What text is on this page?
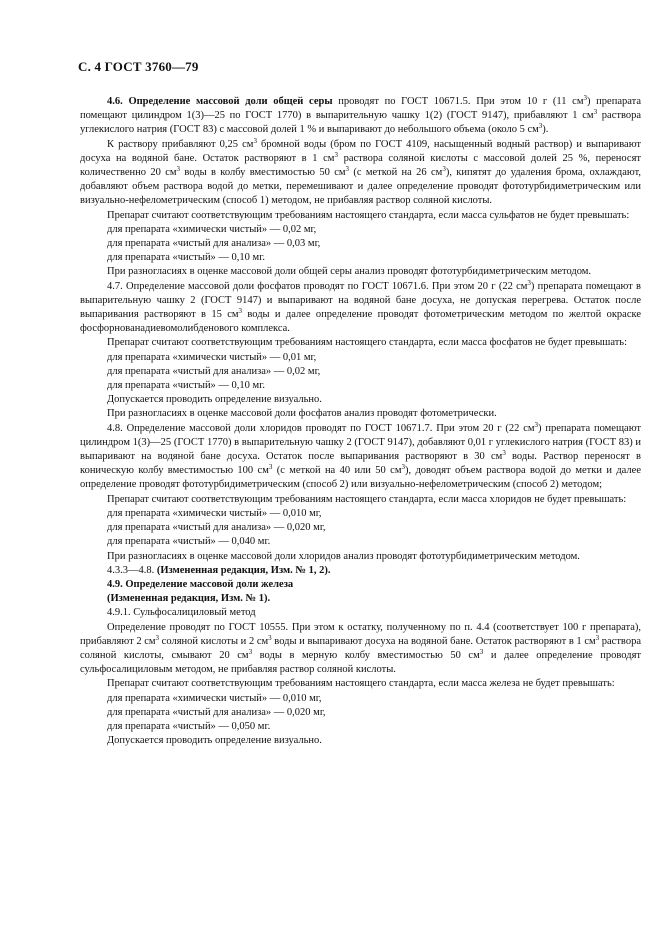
С. 4 ГОСТ 3760—79

4.6. Определение массовой доли общей серы проводят по ГОСТ 10671.5. При этом 10 г (11 $см^3$) препарата помещают цилиндром 1(3)—25 по ГОСТ 1770) в выпарительную чашку 1(2) (ГОСТ 9147), прибавляют 1 $см^3$ раствора углекислого натрия (ГОСТ 83) с массовой долей 1 % и выпаривают до небольшого объема (около 5 $см^3$).

К раствору прибавляют 0,25 $см^3$ бромной воды (бром по ГОСТ 4109, насыщенный водный раствор) и выпаривают досуха на водяной бане. Остаток растворяют в 1 $см^3$ раствора соляной кислоты с массовой долей 25 %, переносят количественно 20 $см^3$ воды в колбу вместимостью 50 $см^3$ (с меткой на 26 $см^3$), кипятят до удаления брома, охлаждают, добавляют объем раствора водой до метки, перемешивают и далее определение проводят фототурбидиметрическим или визуально-нефелометрическим (способ 1) методом, не прибавляя раствор соляной кислоты.

Препарат считают соответствующим требованиям настоящего стандарта, если масса сульфатов не будет превышать:

для препарата «химически чистый» — 0,02 мг,

для препарата «чистый для анализа» — 0,03 мг,

для препарата «чистый» — 0,10 мг.

При разногласиях в оценке массовой доли общей серы анализ проводят фототурбидиметрическим методом.

4.7. Определение массовой доли фосфатов проводят по ГОСТ 10671.6. При этом 20 г (22 $см^3$) препарата помещают в выпарительную чашку 2 (ГОСТ 9147) и выпаривают на водяной бане досуха, не допуская перегрева. Остаток после выпаривания растворяют в 15 $см^3$ воды и далее определение проводят фотометрическим методом по желтой окраске фосфорнованадиевомолибденового комплекса.

Препарат считают соответствующим требованиям настоящего стандарта, если масса фосфатов не будет превышать:

для препарата «химически чистый» — 0,01 мг,

для препарата «чистый для анализа» — 0,02 мг,

для препарата «чистый» — 0,10 мг.

Допускается проводить определение визуально.

При разногласиях в оценке массовой доли фосфатов анализ проводят фотометрически.

4.8. Определение массовой доли хлоридов проводят по ГОСТ 10671.7. При этом 20 г (22 $см^3$) препарата помещают цилиндром 1(3)—25 (ГОСТ 1770) в выпарительную чашку 2 (ГОСТ 9147), добавляют 0,01 г углекислого натрия (ГОСТ 83) и выпаривают на водяной бане досуха. Остаток после выпаривания растворяют в 30 $см^3$ воды. Раствор переносят в коническую колбу вместимостью 100 $см^3$ (с меткой на 40 или 50 $см^3$), доводят объем раствора водой до метки и далее определение проводят фототурбидиметрическим (способ 2) или визуально-нефелометрическим (способ 2) методом;

Препарат считают соответствующим требованиям настоящего стандарта, если масса хлоридов не будет превышать:

для препарата «химически чистый» — 0,010 мг,

для препарата «чистый для анализа» — 0,020 мг,

для препарата «чистый» — 0,040 мг.

При разногласиях в оценке массовой доли хлоридов анализ проводят фототурбидиметрическим методом.

4.3.3—4.8. (Измененная редакция, Изм. № 1, 2).

4.9. Определение массовой доли железа

(Измененная редакция, Изм. № 1).

4.9.1. Сульфосалициловый метод

Определение проводят по ГОСТ 10555. При этом к остатку, полученному по п. 4.4 (соответствует 100 г препарата), прибавляют 2 $см^3$ соляной кислоты и 2 $см^3$ воды и выпаривают досуха на водяной бане. Остаток растворяют в 1 $см^3$ раствора соляной кислоты, смывают 20 $см^3$ воды в мерную колбу вместимостью 50 $см^3$ и далее определение проводят сульфосалициловым методом, не прибавляя раствор соляной кислоты.

Препарат считают соответствующим требованиям настоящего стандарта, если масса железа не будет превышать:

для препарата «химически чистый» — 0,010 мг,

для препарата «чистый для анализа» — 0,020 мг,

для препарата «чистый» — 0,050 мг.

Допускается проводить определение визуально.
